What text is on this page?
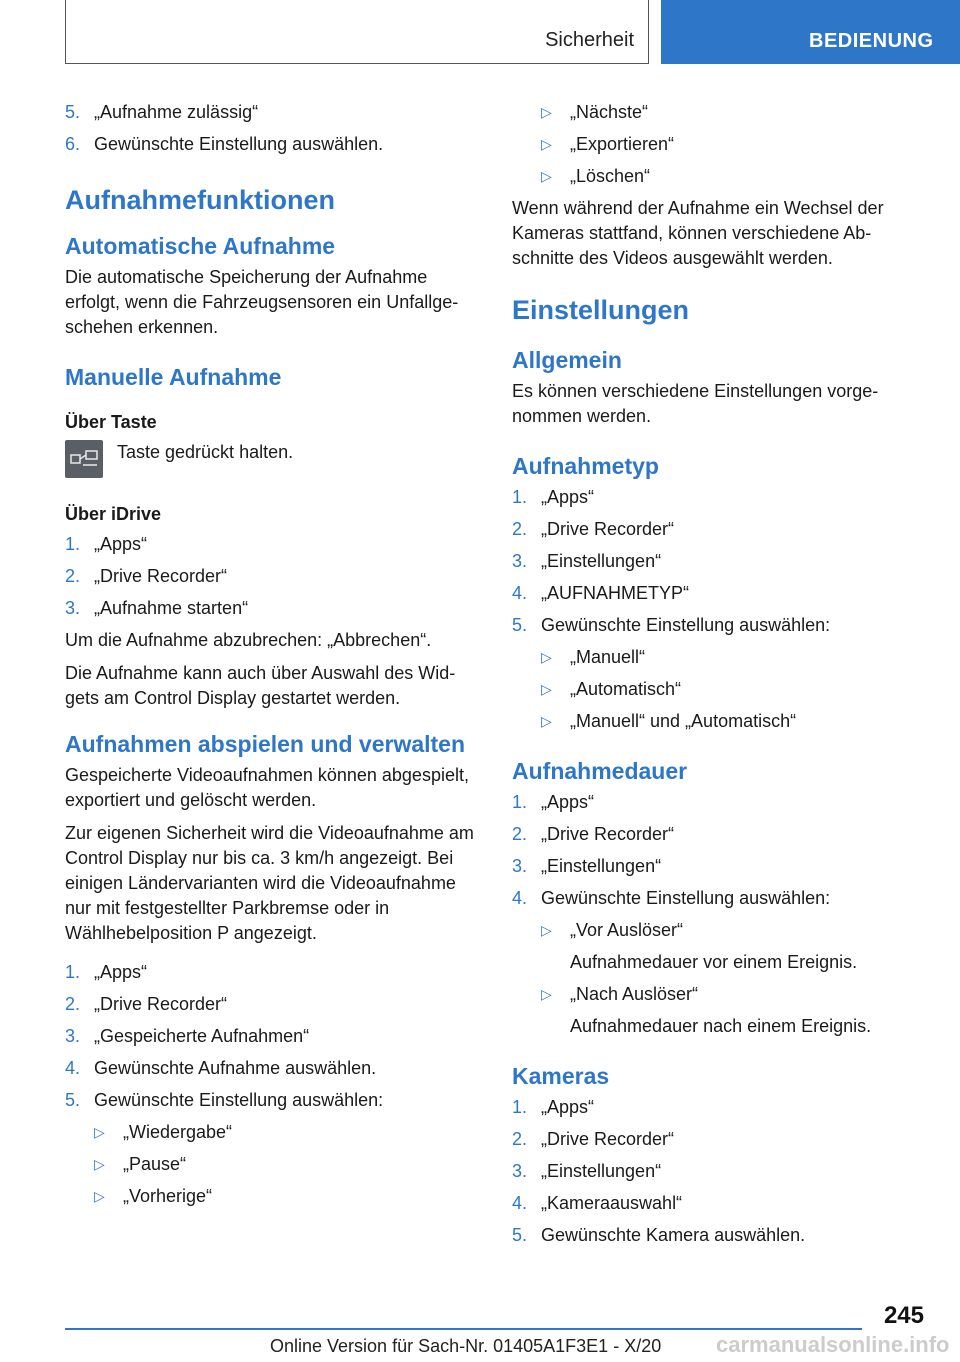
Sicherheit	BEDIENUNG
5. „Aufnahme zulässig“
6. Gewünschte Einstellung auswählen.
Aufnahmefunktionen
Automatische Aufnahme
Die automatische Speicherung der Aufnahme erfolgt, wenn die Fahrzeugsensoren ein Unfallgeschehen erkennen.
Manuelle Aufnahme
Über Taste
Taste gedrückt halten.
Über iDrive
1. „Apps“
2. „Drive Recorder“
3. „Aufnahme starten“
Um die Aufnahme abzubrechen: „Abbrechen“.
Die Aufnahme kann auch über Auswahl des Widgets am Control Display gestartet werden.
Aufnahmen abspielen und verwalten
Gespeicherte Videoaufnahmen können abgespielt, exportiert und gelöscht werden.
Zur eigenen Sicherheit wird die Videoaufnahme am Control Display nur bis ca. 3 km/h angezeigt. Bei einigen Ländervarianten wird die Videoaufnahme nur mit festgestellter Parkbremse oder in Wählhebelposition P angezeigt.
1. „Apps“
2. „Drive Recorder“
3. „Gespeicherte Aufnahmen“
4. Gewünschte Aufnahme auswählen.
5. Gewünschte Einstellung auswählen:
▷	„Wiedergabe“
▷	„Pause“
▷	„Vorherige“
▷	„Nächste“
▷	„Exportieren“
▷	„Löschen“
Wenn während der Aufnahme ein Wechsel der Kameras stattfand, können verschiedene Abschnitte des Videos ausgewählt werden.
Einstellungen
Allgemein
Es können verschiedene Einstellungen vorgenommen werden.
Aufnahmetyp
1. „Apps“
2. „Drive Recorder“
3. „Einstellungen“
4. „AUFNAHMETYP“
5. Gewünschte Einstellung auswählen:
▷	„Manuell“
▷	„Automatisch“
▷	„Manuell“ und „Automatisch“
Aufnahmedauer
1. „Apps“
2. „Drive Recorder“
3. „Einstellungen“
4. Gewünschte Einstellung auswählen:
▷	„Vor Auslöser“
Aufnahmedauer vor einem Ereignis.
▷	„Nach Auslöser“
Aufnahmedauer nach einem Ereignis.
Kameras
1. „Apps“
2. „Drive Recorder“
3. „Einstellungen“
4. „Kameraauswahl“
5. Gewünschte Kamera auswählen.
245
Online Version für Sach-Nr. 01405A1F3E1 - X/20 carmanualsonline.info
